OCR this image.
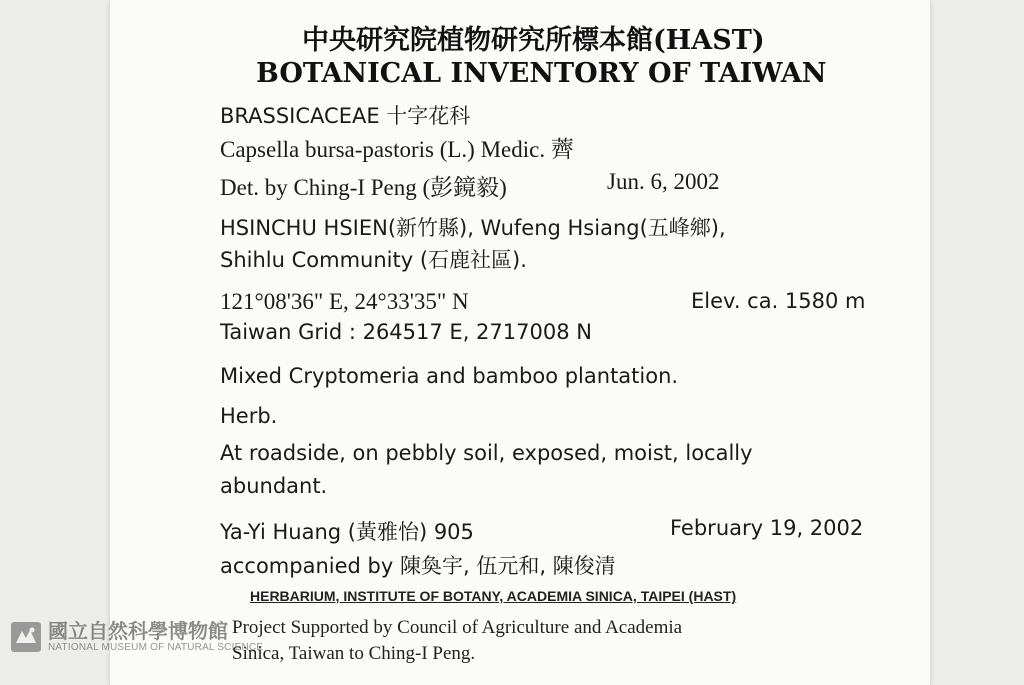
中央研究院植物研究所標本館(HAST)
BOTANICAL INVENTORY OF TAIWAN
BRASSICACEAE 十字花科
Capsella bursa-pastoris (L.) Medic. 薺
Det. by Ching-I Peng (彭鏡毅)	Jun. 6, 2002
HSINCHU HSIEN(新竹縣), Wufeng Hsiang(五峰鄉),
Shihlu Community (石鹿社區).
121°08'36" E, 24°33'35" N	Elev. ca. 1580 m
Taiwan Grid : 264517 E, 2717008 N
Mixed Cryptomeria and bamboo plantation.
Herb.
At roadside, on pebbly soil, exposed, moist, locally
abundant.
Ya-Yi Huang (黃雅怡) 905	February 19, 2002
accompanied by 陳奐宇, 伍元和, 陳俊清
HERBARIUM, INSTITUTE OF BOTANY, ACADEMIA SINICA, TAIPEI (HAST)
Project Supported by Council of Agriculture and Academia
Sinica, Taiwan to Ching-I Peng.
國立自然科學博物館
NATIONAL MUSEUM OF NATURAL SCIENCE
